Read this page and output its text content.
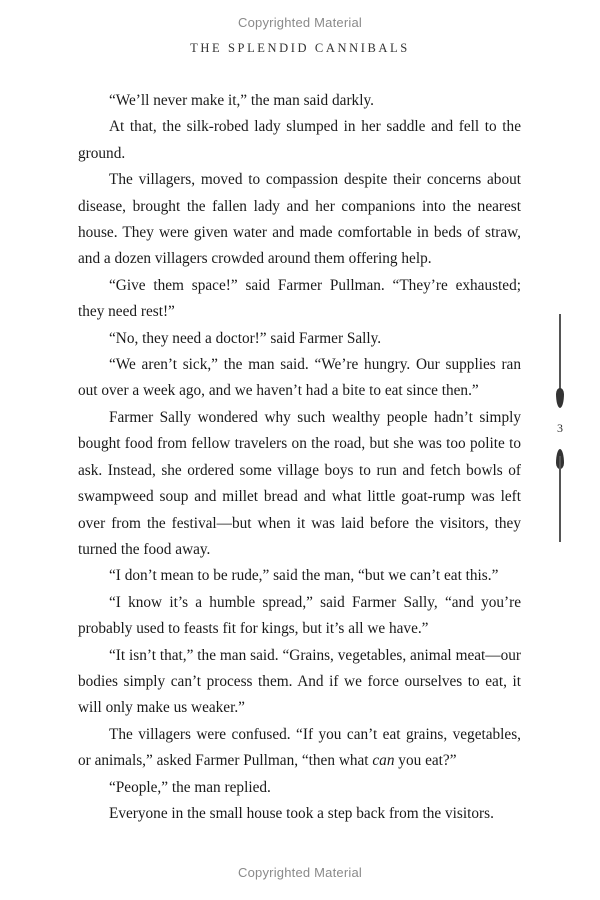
Copyrighted Material
THE SPLENDID CANNIBALS

“We’ll never make it,” the man said darkly.

At that, the silk-robed lady slumped in her saddle and fell to the ground.

The villagers, moved to compassion despite their concerns about disease, brought the fallen lady and her companions into the nearest house. They were given water and made comfortable in beds of straw, and a dozen villagers crowded around them offering help.

“Give them space!” said Farmer Pullman. “They’re exhausted; they need rest!”

“No, they need a doctor!” said Farmer Sally.

“We aren’t sick,” the man said. “We’re hungry. Our supplies ran out over a week ago, and we haven’t had a bite to eat since then.”

Farmer Sally wondered why such wealthy people hadn’t simply bought food from fellow travelers on the road, but she was too polite to ask. Instead, she ordered some village boys to run and fetch bowls of swampweed soup and millet bread and what little goat-rump was left over from the festival—but when it was laid before the visitors, they turned the food away.

“I don’t mean to be rude,” said the man, “but we can’t eat this.”

“I know it’s a humble spread,” said Farmer Sally, “and you’re probably used to feasts fit for kings, but it’s all we have.”

“It isn’t that,” the man said. “Grains, vegetables, animal meat—our bodies simply can’t process them. And if we force ourselves to eat, it will only make us weaker.”

The villagers were confused. “If you can’t eat grains, vegetables, or animals,” asked Farmer Pullman, “then what can you eat?”

“People,” the man replied.

Everyone in the small house took a step back from the visitors.

3
Copyrighted Material
